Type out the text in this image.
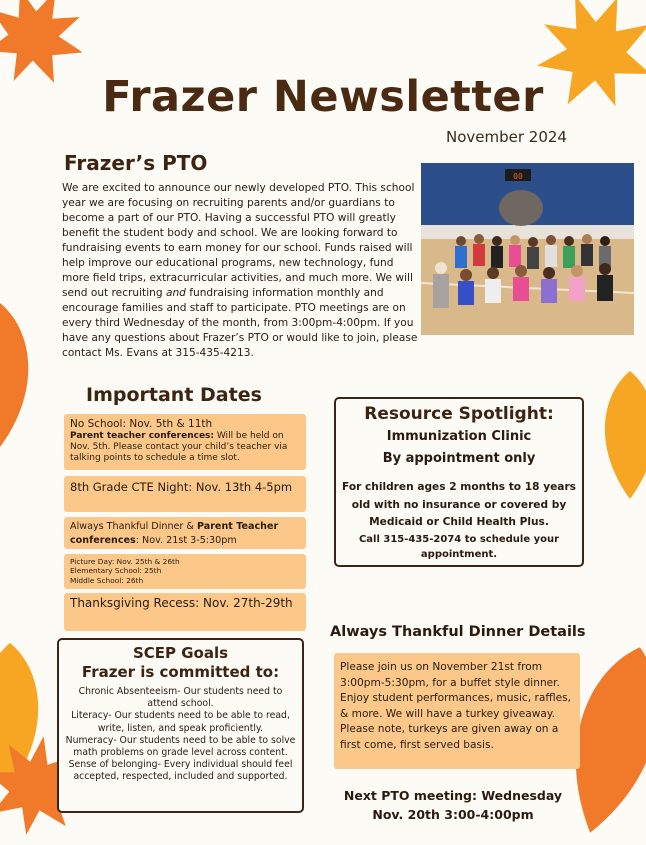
Frazer Newsletter
November 2024
Frazer’s PTO
We are excited to announce our newly developed PTO. This school year we are focusing on recruiting parents and/or guardians to become a part of our PTO. Having a successful PTO will greatly benefit the student body and school. We are looking forward to fundraising events to earn money for our school. Funds raised will help improve our educational programs, new technology, fund more field trips, extracurricular activities, and much more. We will send out recruiting and fundraising information monthly and encourage families and staff to participate. PTO meetings are on every third Wednesday of the month, from 3:00pm-4:00pm. If you have any questions about Frazer’s PTO or would like to join, please contact Ms. Evans at 315-435-4213.
00
Important Dates
No School: Nov. 5th & 11th
Parent teacher conferences: Will be held on Nov. 5th. Please contact your child’s teacher via talking points to schedule a time slot.
8th Grade CTE Night: Nov. 13th 4-5pm
Always Thankful Dinner & Parent Teacher conferences: Nov. 21st 3-5:30pm
Picture Day: Nov. 25th & 26th
Elementary School: 25th
Middle School: 26th
Thanksgiving Recess: Nov. 27th-29th
Resource Spotlight:
Immunization Clinic
By appointment only
For children ages 2 months to 18 years old with no insurance or covered by Medicaid or Child Health Plus.
Call 315-435-2074 to schedule your appointment.
Always Thankful Dinner Details
Please join us on November 21st from 3:00pm-5:30pm, for a buffet style dinner. Enjoy student performances, music, raffles, & more. We will have a turkey giveaway. Please note, turkeys are given away on a first come, first served basis.
Next PTO meeting: Wednesday
Nov. 20th 3:00-4:00pm
SCEP Goals
Frazer is committed to:
Chronic Absenteeism- Our students need to attend school.
Literacy- Our students need to be able to read, write, listen, and speak proficiently.
Numeracy- Our students need to be able to solve math problems on grade level across content.
Sense of belonging- Every individual should feel accepted, respected, included and supported.
